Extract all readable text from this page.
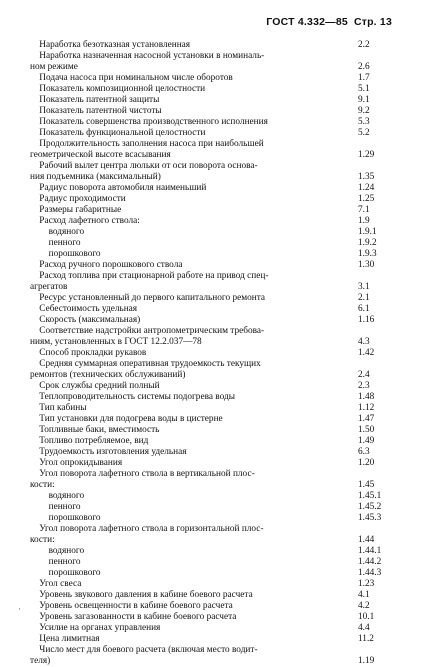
ГОСТ 4.332—85 Стр. 13
Наработка безотказная установленная	2.2
Наработка назначенная насосной установки в номиналь-
ном режиме	2.6
Подача насоса при номинальном числе оборотов	1.7
Показатель композиционной целостности	5.1
Показатель патентной защиты	9.1
Показатель патентной чистоты	9.2
Показатель совершенства производственного исполнения	5.3
Показатель функциональной целостности	5.2
Продолжительность заполнения насоса при наибольшей
геометрической высоте всасывания	1.29
Рабочий вылет центра люльки от оси поворота основа-
ния подъемника (максимальный)	1.35
Радиус поворота автомобиля наименьший	1.24
Радиус проходимости	1.25
Размеры габаритные	7.1
Расход лафетного ствола:	1.9
водяного	1.9.1
пенного	1.9.2
порошкового	1.9.3
Расход ручного порошкового ствола	1.30
Расход топлива при стационарной работе на привод спец-
агрегатов	3.1
Ресурс установленный до первого капитального ремонта	2.1
Себестоимость удельная	6.1
Скорость (максимальная)	1.16
Соответствие надстройки антропометрическим требова-
ниям, установленных в ГОСТ 12.2.037—78	4.3
Способ прокладки рукавов	1.42
Средняя суммарная оперативная трудоемкость текущих
ремонтов (технических обслуживаний)	2.4
Срок службы средний полный	2.3
Теплопроводительность системы подогрева воды	1.48
Тип кабины	1.12
Тип установки для подогрева воды в цистерне	1.47
Топливные баки, вместимость	1.50
Топливо потребляемое, вид	1.49
Трудоемкость изготовления удельная	6.3
Угол опрокидывания	1.20
Угол поворота лафетного ствола в вертикальной плос-
кости:	1.45
водяного	1.45.1
пенного	1.45.2
порошкового	1.45.3
Угол поворота лафетного ствола в горизонтальной плос-
кости:	1.44
водяного	1.44.1
пенного	1.44.2
порошкового	1.44.3
Угол свеса	1.23
Уровень звукового давления в кабине боевого расчета	4.1
Уровень освещенности в кабине боевого расчета	4.2
Уровень загазованности в кабине боевого расчета	10.1
Усилие на органах управления	4.4
Цена лимитная	11.2
Число мест для боевого расчета (включая место водит-
теля)	1.19
·
